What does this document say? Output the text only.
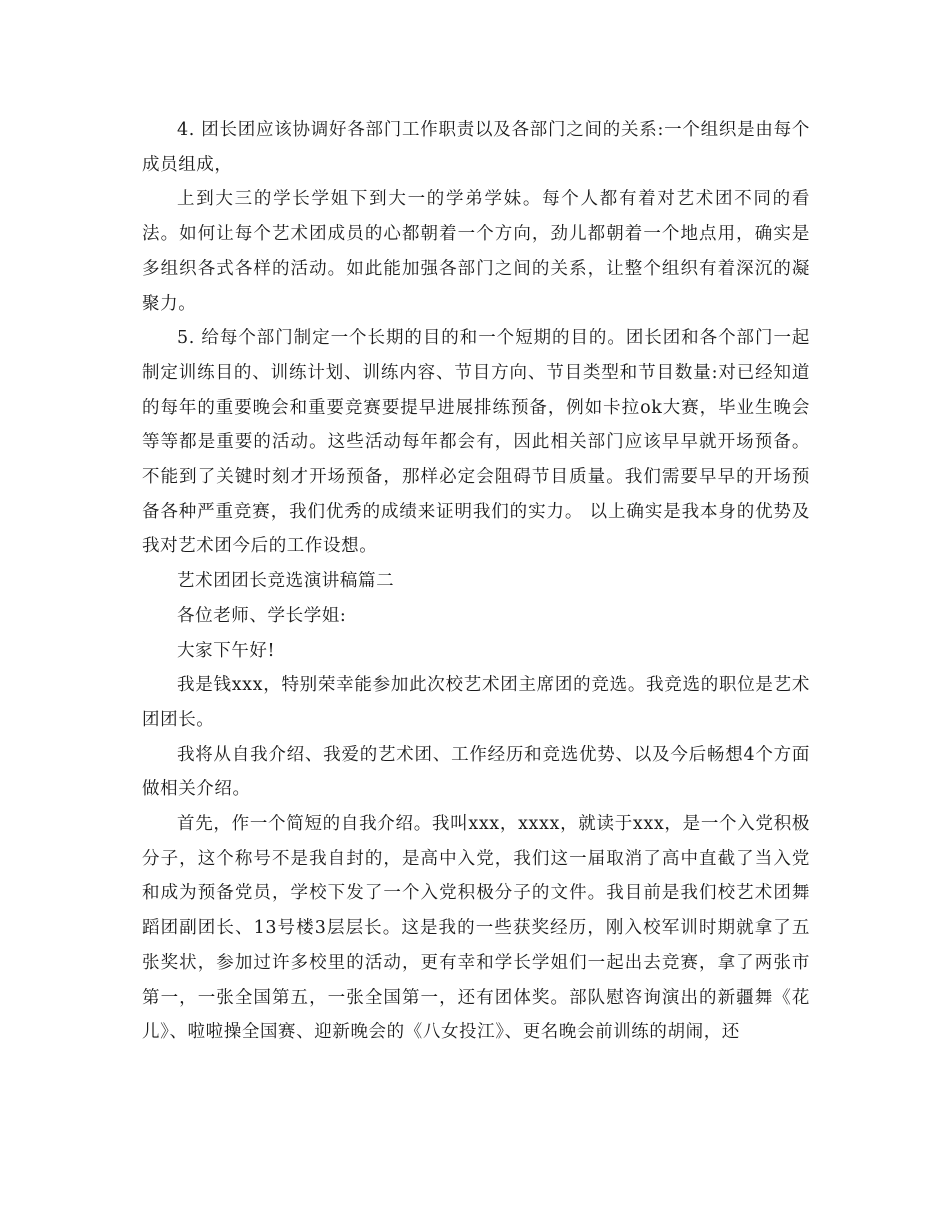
4. 团长团应该协调好各部门工作职责以及各部门之间的关系:一个组织是由每个成员组成，

上到大三的学长学姐下到大一的学弟学妹。每个人都有着对艺术团不同的看法。如何让每个艺术团成员的心都朝着一个方向，劲儿都朝着一个地点用，确实是多组织各式各样的活动。如此能加强各部门之间的关系，让整个组织有着深沉的凝聚力。

5. 给每个部门制定一个长期的目的和一个短期的目的。团长团和各个部门一起制定训练目的、训练计划、训练内容、节目方向、节目类型和节目数量:对已经知道的每年的重要晚会和重要竞赛要提早进展排练预备，例如卡拉ok大赛，毕业生晚会等等都是重要的活动。这些活动每年都会有，因此相关部门应该早早就开场预备。不能到了关键时刻才开场预备，那样必定会阻碍节目质量。我们需要早早的开场预备各种严重竞赛，我们优秀的成绩来证明我们的实力。 以上确实是我本身的优势及我对艺术团今后的工作设想。

艺术团团长竞选演讲稿篇二

各位老师、学长学姐:

大家下午好!

我是钱xxx，特别荣幸能参加此次校艺术团主席团的竞选。我竞选的职位是艺术团团长。

我将从自我介绍、我爱的艺术团、工作经历和竞选优势、以及今后畅想4个方面做相关介绍。

首先，作一个简短的自我介绍。我叫xxx，xxxx，就读于xxx，是一个入党积极分子，这个称号不是我自封的，是高中入党，我们这一届取消了高中直截了当入党和成为预备党员，学校下发了一个入党积极分子的文件。我目前是我们校艺术团舞蹈团副团长、13号楼3层层长。这是我的一些获奖经历，刚入校军训时期就拿了五张奖状，参加过许多校里的活动，更有幸和学长学姐们一起出去竞赛，拿了两张市第一，一张全国第五，一张全国第一，还有团体奖。部队慰咨询演出的新疆舞《花儿》、啦啦操全国赛、迎新晚会的《八女投江》、更名晚会前训练的胡闹，还
